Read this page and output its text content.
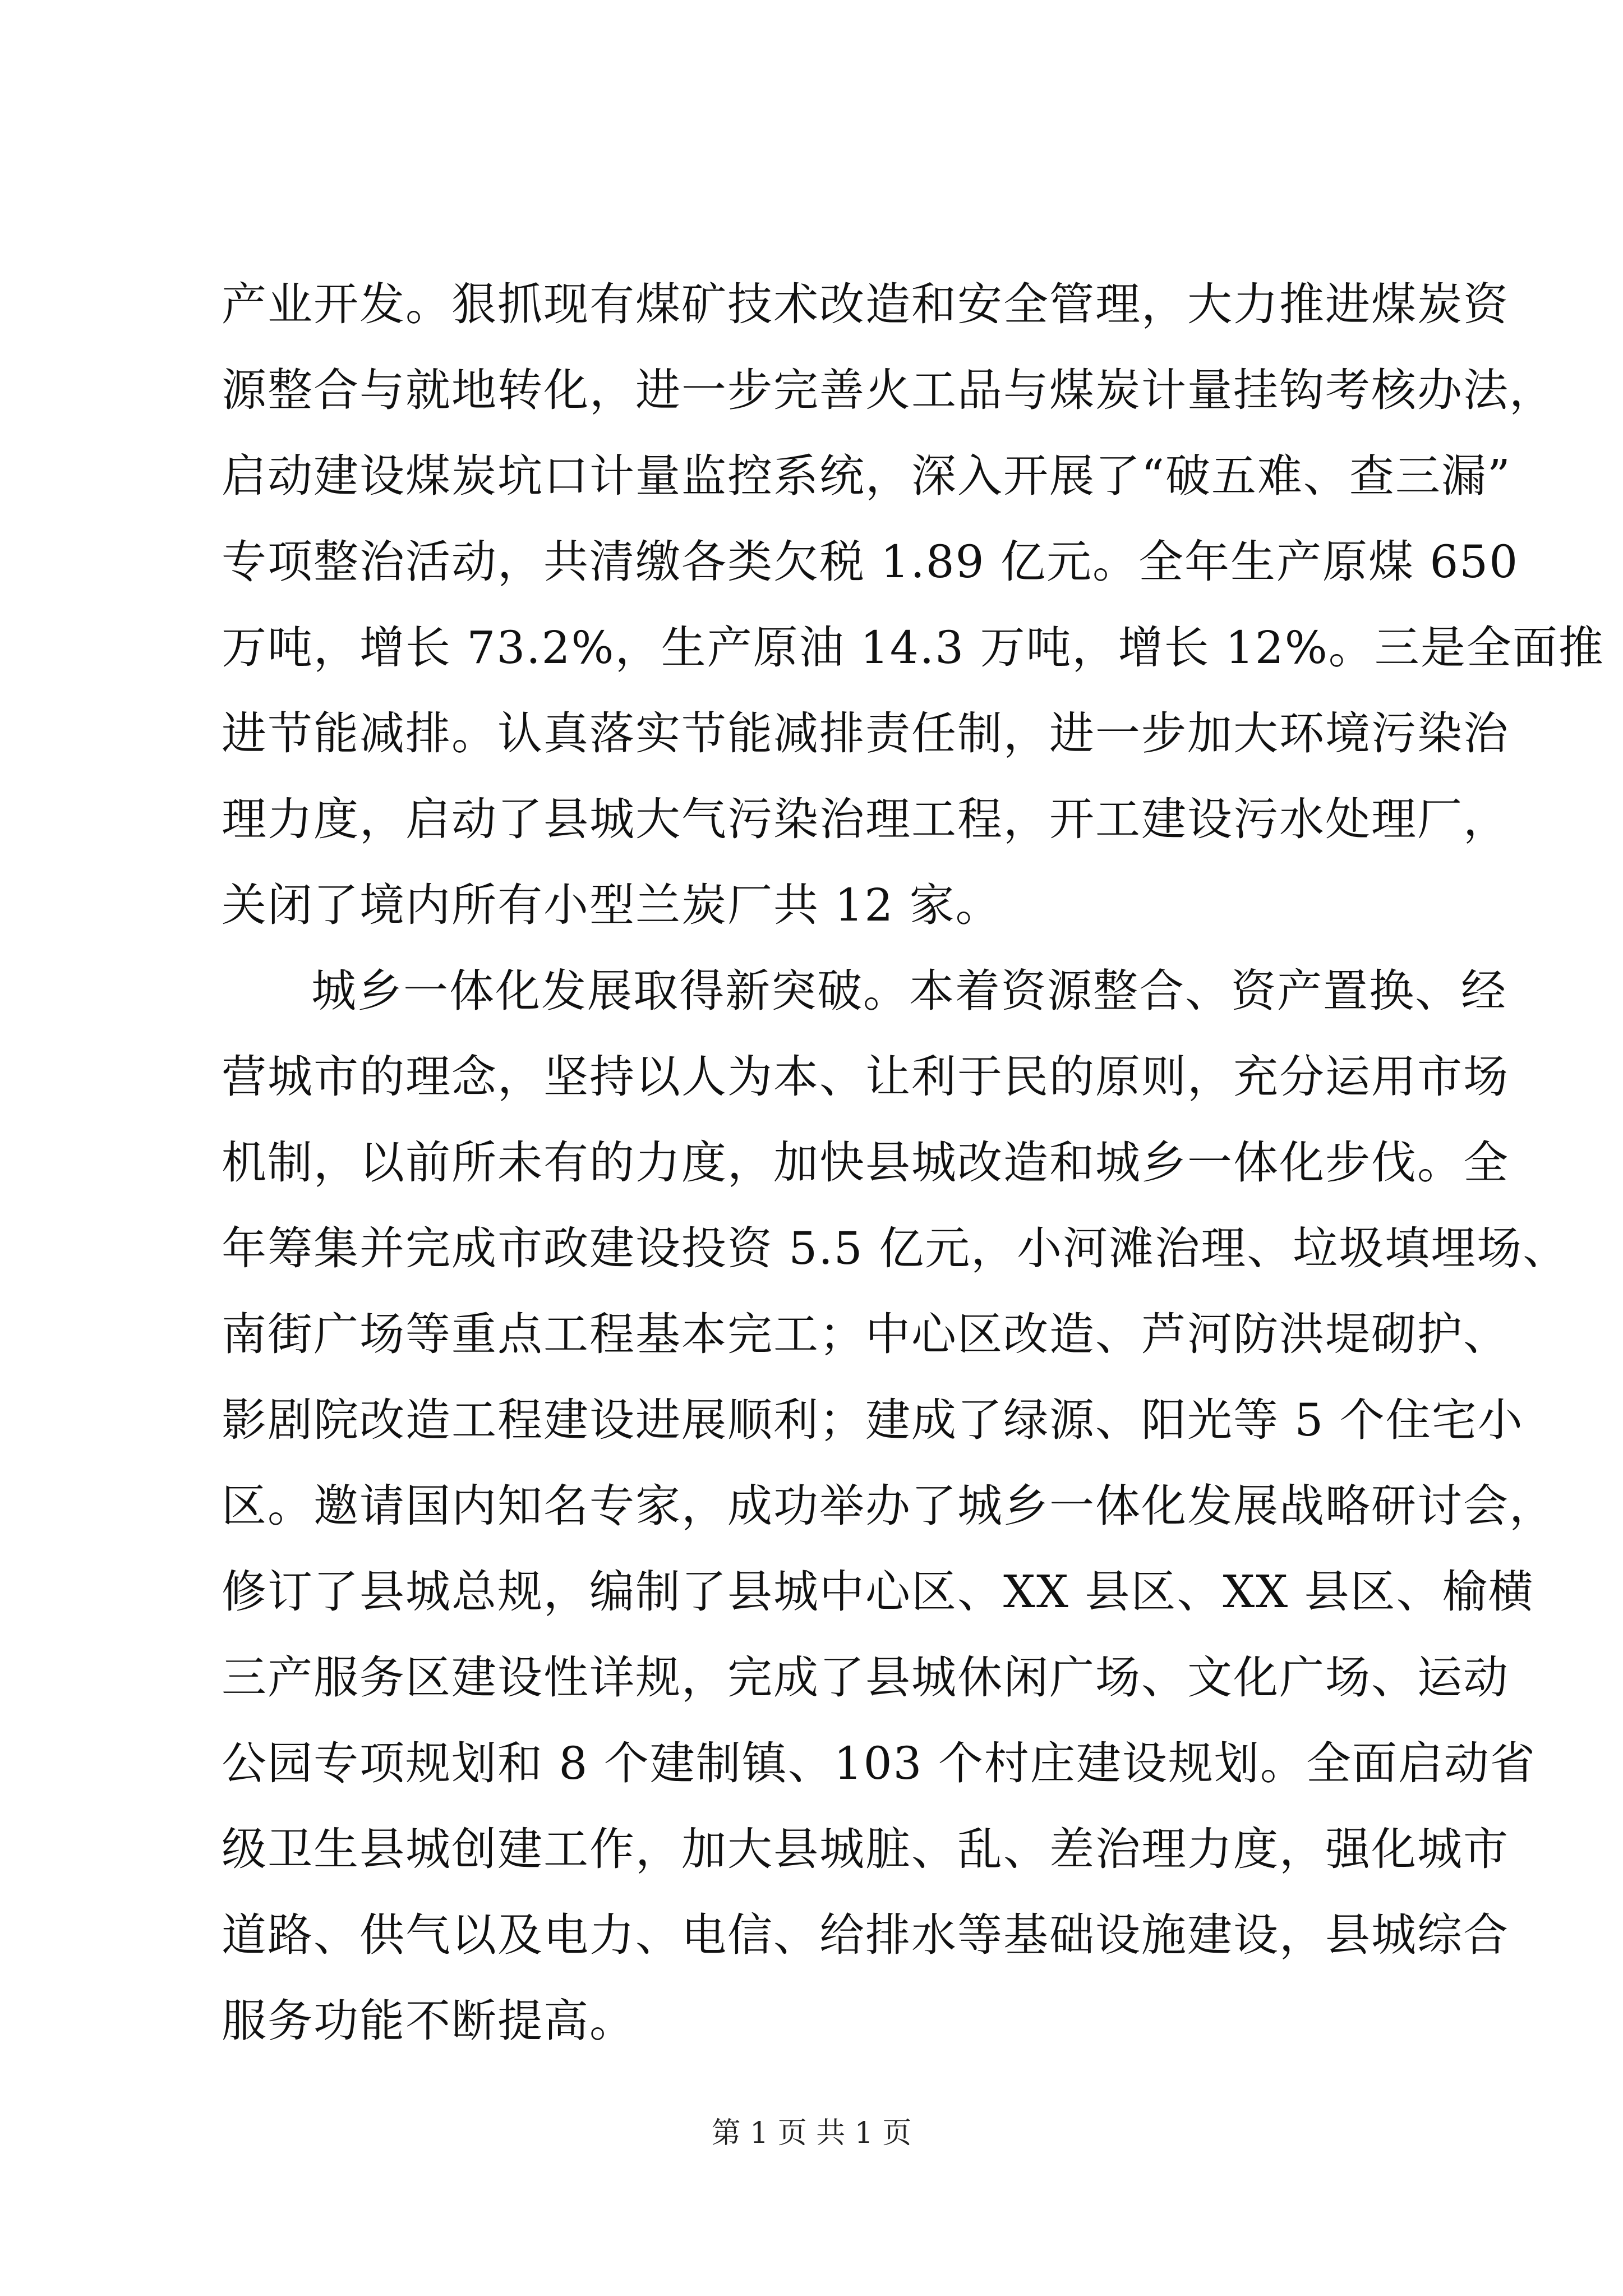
产业开发。狠抓现有煤矿技术改造和安全管理，大力推进煤炭资
源整合与就地转化，进一步完善火工品与煤炭计量挂钩考核办法，
启动建设煤炭坑口计量监控系统，深入开展了“破五难、查三漏”
专项整治活动，共清缴各类欠税 1.89 亿元。全年生产原煤 650
万吨，增长 73.2%，生产原油 14.3 万吨，增长 12%。三是全面推
进节能减排。认真落实节能减排责任制，进一步加大环境污染治
理力度，启动了县城大气污染治理工程，开工建设污水处理厂，
关闭了境内所有小型兰炭厂共 12 家。
城乡一体化发展取得新突破。本着资源整合、资产置换、经
营城市的理念，坚持以人为本、让利于民的原则，充分运用市场
机制，以前所未有的力度，加快县城改造和城乡一体化步伐。全
年筹集并完成市政建设投资 5.5 亿元，小河滩治理、垃圾填埋场、
南街广场等重点工程基本完工；中心区改造、芦河防洪堤砌护、
影剧院改造工程建设进展顺利；建成了绿源、阳光等 5 个住宅小
区。邀请国内知名专家，成功举办了城乡一体化发展战略研讨会，
修订了县城总规，编制了县城中心区、XX 县区、XX 县区、榆横
三产服务区建设性详规，完成了县城休闲广场、文化广场、运动
公园专项规划和 8 个建制镇、103 个村庄建设规划。全面启动省
级卫生县城创建工作，加大县城脏、乱、差治理力度，强化城市
道路、供气以及电力、电信、给排水等基础设施建设，县城综合
服务功能不断提高。
第 1 页 共 1 页
